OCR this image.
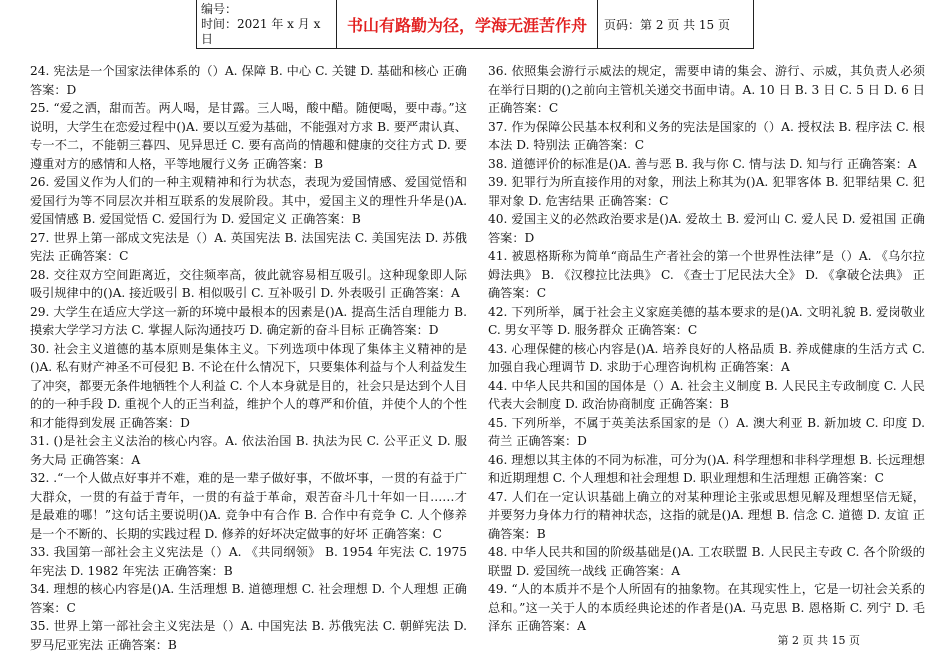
编号：
时间：2021 年 x 月 x 日
书山有路勤为径，学海无涯苦作舟	页码：第 2 页 共 15 页

24. 宪法是一个国家法律体系的（）A. 保障 B. 中心 C. 关键 D. 基础和核心 正确答案：D

25. “爱之洒，甜而苦。两人喝，是甘露。三人喝，酸中醋。随便喝，要中毒。”这说明，大学生在恋爱过程中()A. 要以互爱为基础，不能强对方求 B. 要严肃认真、专一不二，不能朝三暮四、见异思迁 C. 要有高尚的情趣和健康的交往方式 D. 要遵重对方的感情和人格，平等地履行义务 正确答案：B

26. 爱国义作为人们的一种主观精神和行为状态，表现为爱国情感、爱国觉悟和爱国行为等不同层次并相互联系的发展阶段。其中，爱国主义的理性升华是()A. 爱国情感 B. 爱国觉悟 C. 爱国行为 D. 爱国定义 正确答案：B

27. 世界上第一部成文宪法是（）A. 英国宪法 B. 法国宪法 C. 美国宪法 D. 苏俄宪法 正确答案：C

28. 交往双方空间距离近，交往频率高，彼此就容易相互吸引。这种现象即人际吸引规律中的()A. 接近吸引 B. 相似吸引 C. 互补吸引 D. 外表吸引 正确答案：A

29. 大学生在适应大学这一新的环境中最根本的因素是()A. 提高生活自理能力 B. 摸索大学学习方法 C. 掌握人际沟通技巧 D. 确定新的奋斗目标 正确答案：D

30. 社会主义道德的基本原则是集体主义。下列选项中体现了集体主义精神的是()A. 私有财产神圣不可侵犯 B. 不论在什么情况下，只要集体利益与个人利益发生了冲突，都要无条件地牺牲个人利益 C. 个人本身就是目的，社会只是达到个人目的的一种手段 D. 重视个人的正当利益，维护个人的尊严和价值，并使个人的个性和才能得到发展 正确答案：D

31. ()是社会主义法治的核心内容。A. 依法治国 B. 执法为民 C. 公平正义 D. 服务大局 正确答案：A

32. .“一个人做点好事并不难，难的是一辈子做好事，不做坏事，一贯的有益于广大群众，一贯的有益于青年，一贯的有益于革命，艰苦奋斗几十年如一日……才是最难的哪！”这句话主要说明()A. 竞争中有合作 B. 合作中有竞争 C. 人个修养是一个不断的、长期的实践过程 D. 修养的好坏决定做事的好坏 正确答案：C

33. 我国第一部社会主义宪法是（）A. 《共同纲领》 B. 1954 年宪法 C. 1975 年宪法 D. 1982 年宪法 正确答案：B

34. 理想的核心内容是()A. 生活理想 B. 道德理想 C. 社会理想 D. 个人理想 正确答案：C

35. 世界上第一部社会主义宪法是（）A. 中国宪法 B. 苏俄宪法 C. 朝鲜宪法 D. 罗马尼亚宪法 正确答案：B

36. 依照集会游行示威法的规定，需要申请的集会、游行、示威，其负责人必须在举行日期的()之前向主管机关递交书面申请。A. 10 日 B. 3 日 C. 5 日 D. 6 日 正确答案：C

37. 作为保障公民基本权利和义务的宪法是国家的（）A. 授权法 B. 程序法 C. 根本法 D. 特别法 正确答案：C

38. 道德评价的标准是()A. 善与恶 B. 我与你 C. 情与法 D. 知与行 正确答案：A

39. 犯罪行为所直接作用的对象，刑法上称其为()A. 犯罪客体 B. 犯罪结果 C. 犯罪对象 D. 危害结果 正确答案：C

40. 爱国主义的必然政治要求是()A. 爱故土 B. 爱河山 C. 爱人民 D. 爱祖国 正确答案：D

41. 被恩格斯称为简单“商品生产者社会的第一个世界性法律”是（）A. 《乌尔拉姆法典》 B. 《汉穆拉比法典》 C. 《查士丁尼民法大全》 D. 《拿破仑法典》 正确答案：C

42. 下列所举，属于社会主义家庭美德的基本要求的是()A. 文明礼貌 B. 爱岗敬业 C. 男女平等 D. 服务群众 正确答案：C

43. 心理保健的核心内容是()A. 培养良好的人格品质 B. 养成健康的生活方式 C. 加强自我心理调节 D. 求助于心理咨询机构 正确答案：A

44. 中华人民共和国的国体是（）A. 社会主义制度 B. 人民民主专政制度 C. 人民代表大会制度 D. 政治协商制度 正确答案：B

45. 下列所举，不属于英美法系国家的是（）A. 澳大利亚 B. 新加坡 C. 印度 D. 荷兰 正确答案：D

46. 理想以其主体的不同为标准，可分为()A. 科学理想和非科学理想 B. 长远理想和近期理想 C. 个人理想和社会理想 D. 职业理想和生活理想 正确答案：C

47. 人们在一定认识基础上确立的对某种理论主张或思想见解及理想坚信无疑，并要努力身体力行的精神状态，这指的就是()A. 理想 B. 信念 C. 道德 D. 友谊 正确答案：B

48. 中华人民共和国的阶级基础是()A. 工农联盟 B. 人民民主专政 C. 各个阶级的联盟 D. 爱国统一战线 正确答案：A

49. “人的本质并不是个人所固有的抽象物。在其现实性上，它是一切社会关系的总和。”这一关于人的本质经典论述的作者是()A. 马克思 B. 恩格斯 C. 列宁 D. 毛泽东 正确答案：A

第 2 页 共 15 页
